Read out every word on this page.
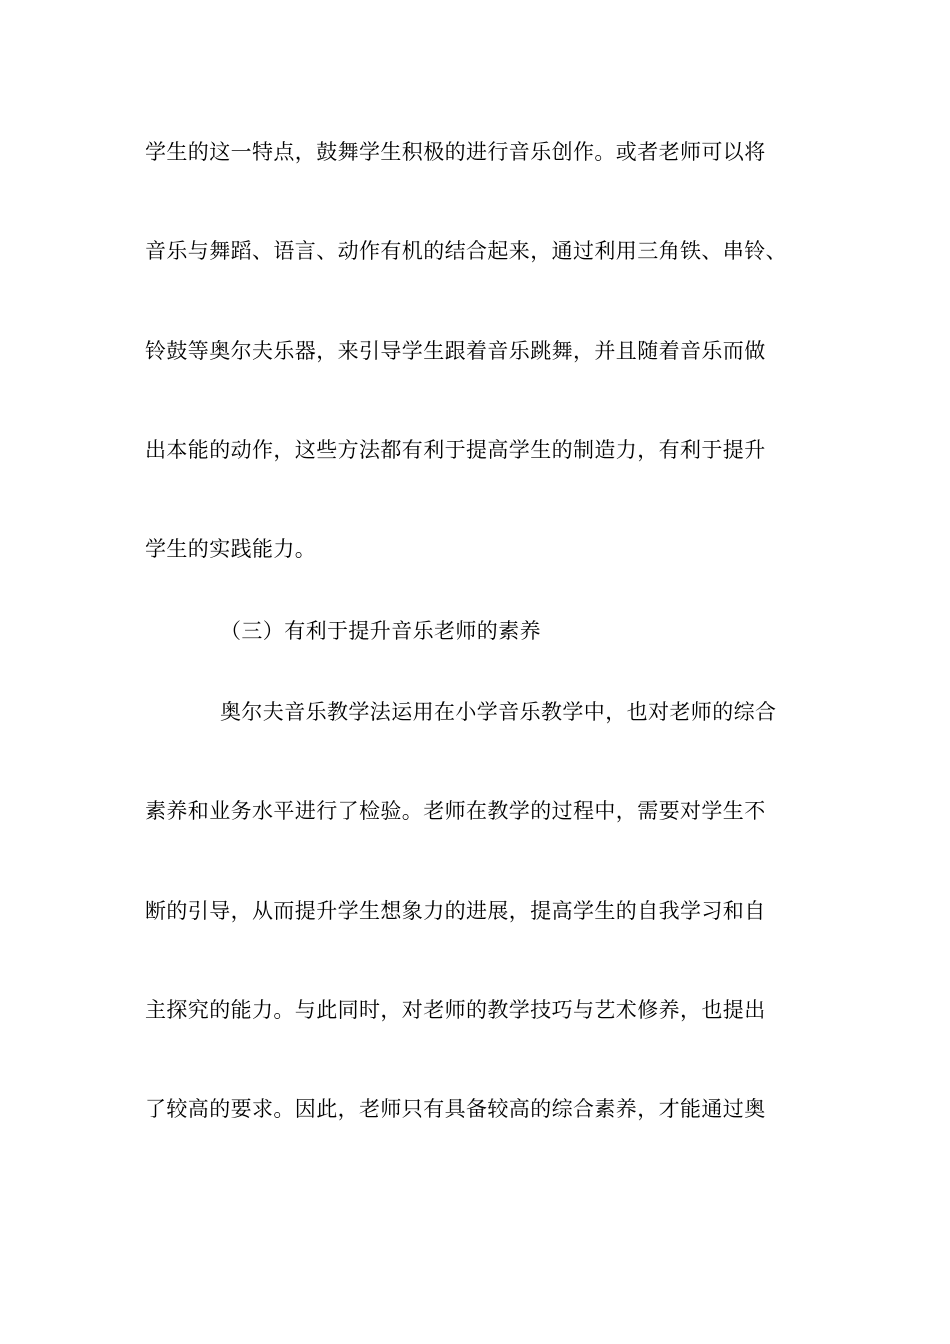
学生的这一特点，鼓舞学生积极的进行音乐创作。或者老师可以将
音乐与舞蹈、语言、动作有机的结合起来，通过利用三角铁、串铃、
铃鼓等奥尔夫乐器，来引导学生跟着音乐跳舞，并且随着音乐而做
出本能的动作，这些方法都有利于提高学生的制造力，有利于提升
学生的实践能力。
（三）有利于提升音乐老师的素养
奥尔夫音乐教学法运用在小学音乐教学中，也对老师的综合
素养和业务水平进行了检验。老师在教学的过程中，需要对学生不
断的引导，从而提升学生想象力的进展，提高学生的自我学习和自
主探究的能力。与此同时，对老师的教学技巧与艺术修养，也提出
了较高的要求。因此，老师只有具备较高的综合素养，才能通过奥
